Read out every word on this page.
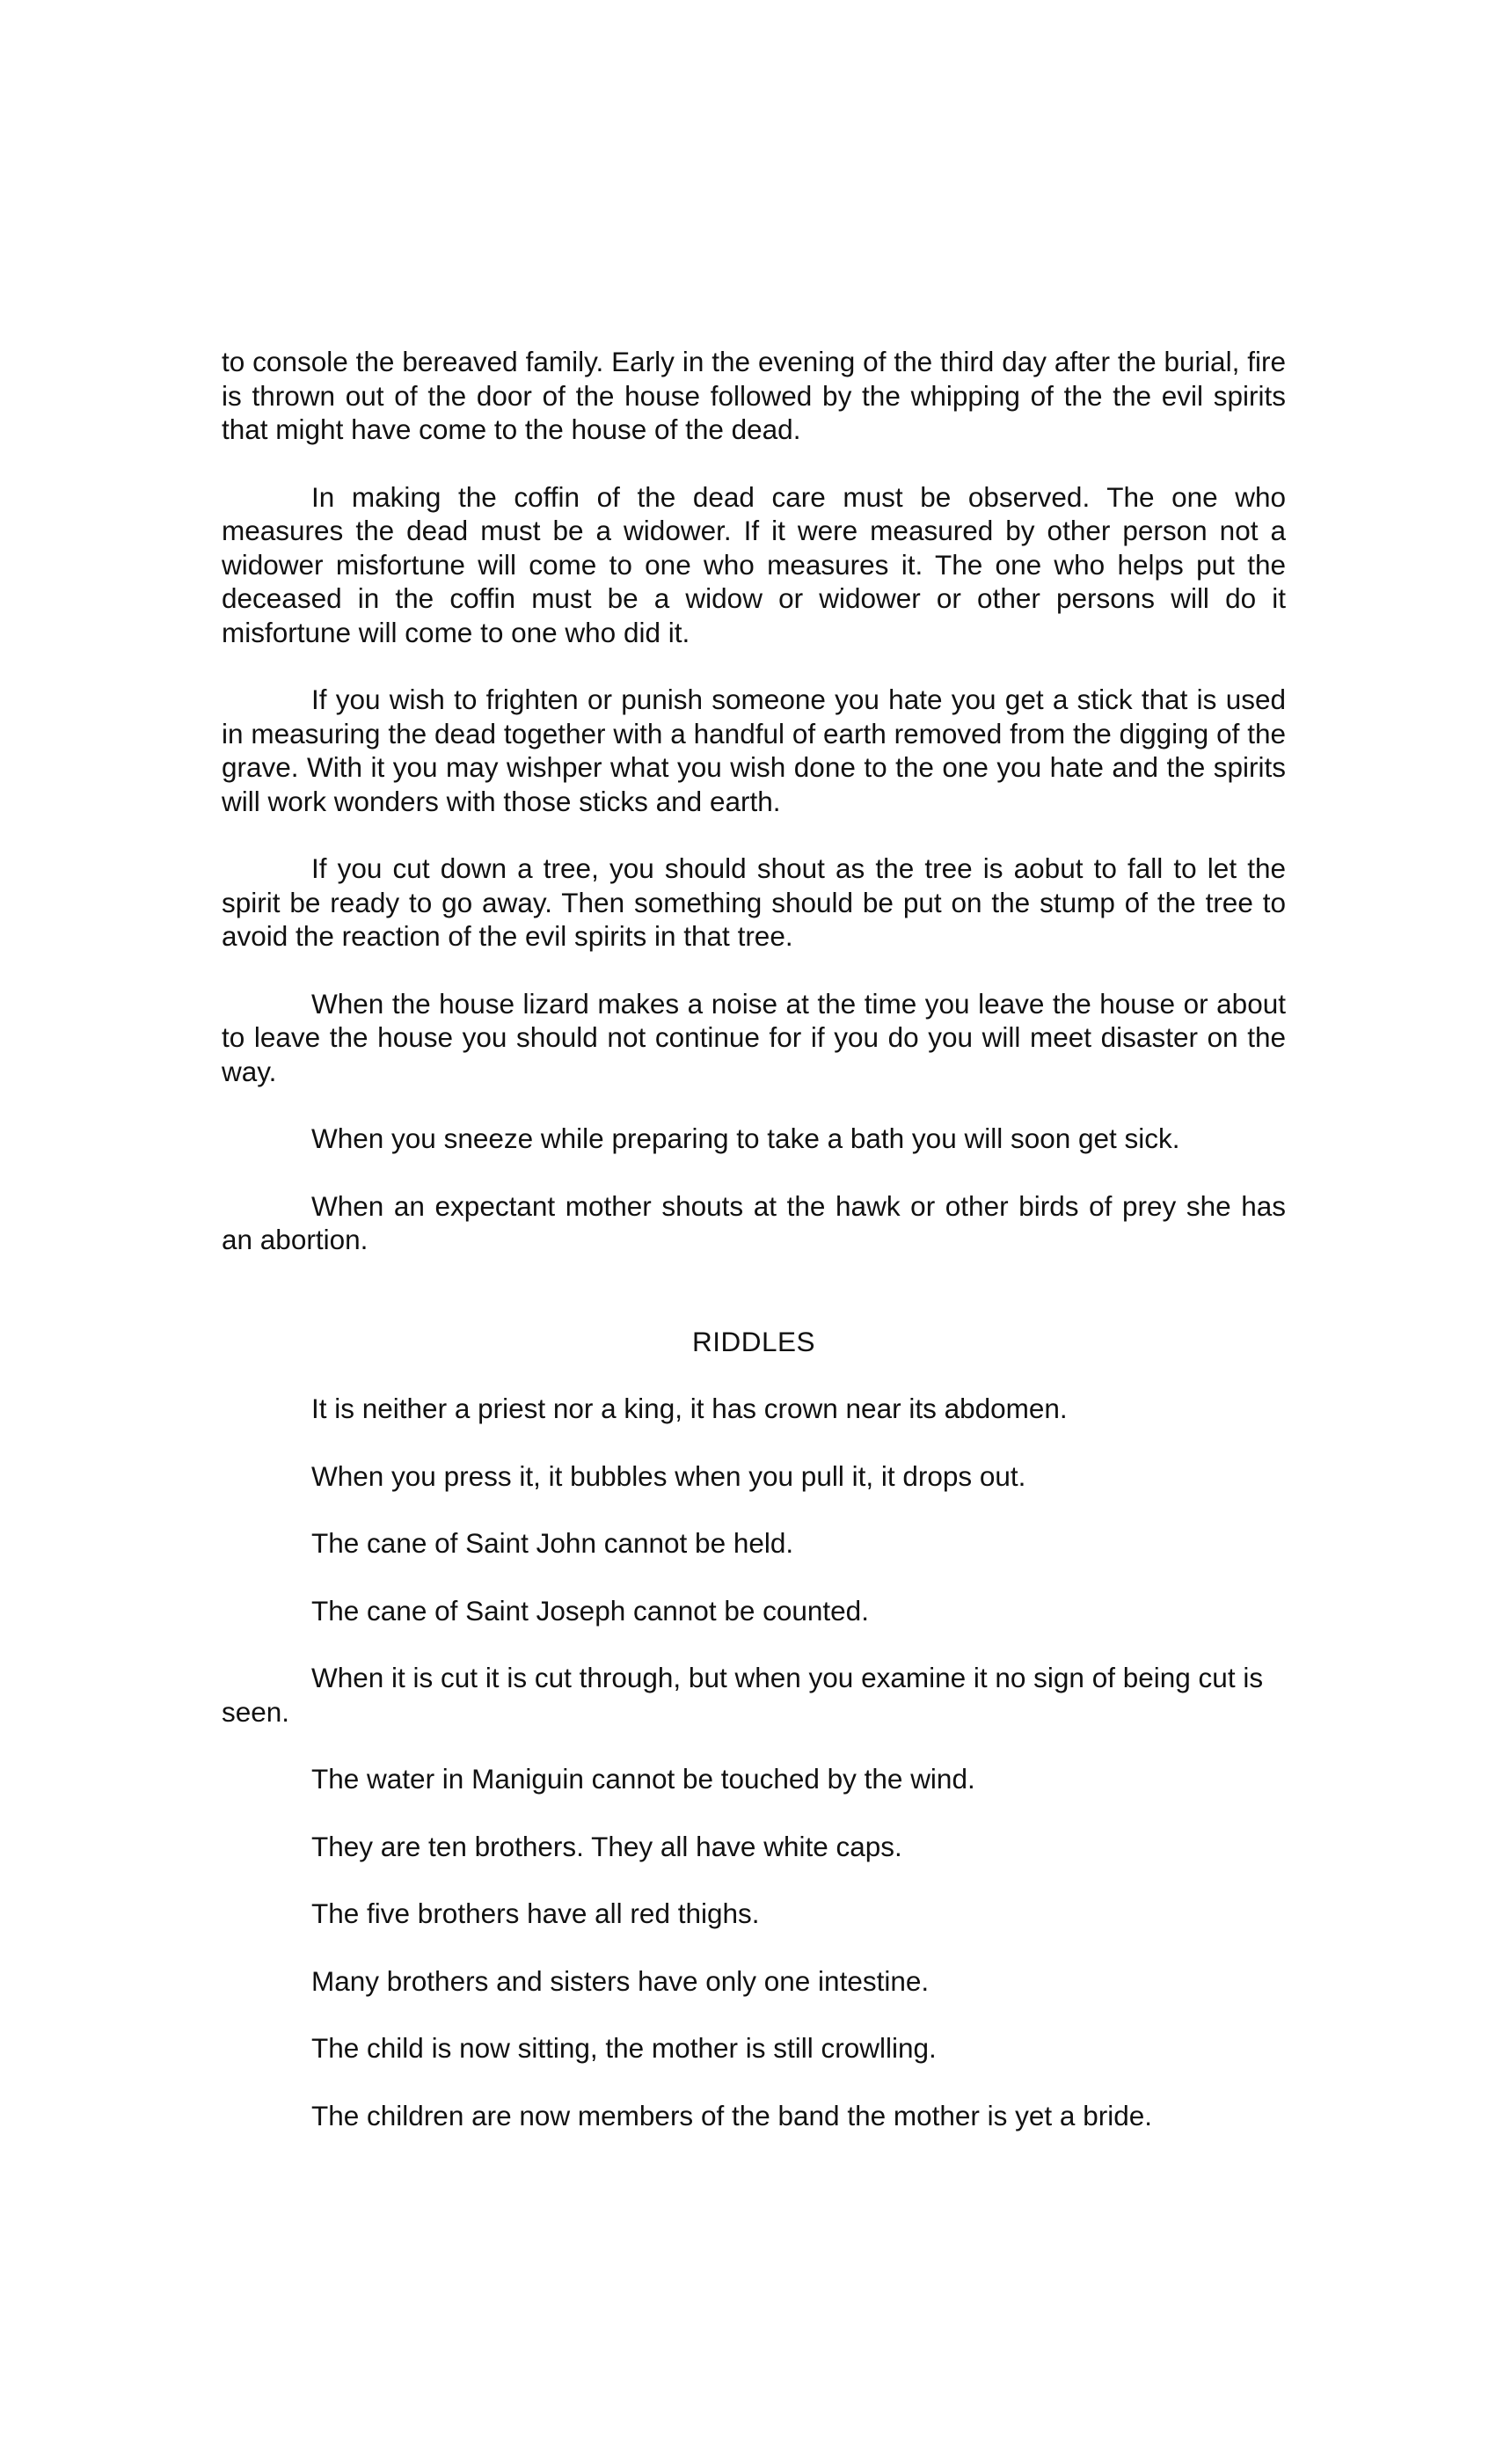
to console the bereaved family. Early in the evening of the third day after the burial, fire is thrown out of the door of the house followed by the whipping of the the evil spirits that might have come to the house of the dead.

In making the coffin of the dead care must be observed. The one who measures the dead must be a widower. If it were measured by other person not a widower misfortune will come to one who measures it. The one who helps put the deceased in the coffin must be a widow or widower or other persons will do it misfortune will come to one who did it.

If you wish to frighten or punish someone you hate you get a stick that is used in measuring the dead together with a handful of earth removed from the digging of the grave. With it you may wishper what you wish done to the one you hate and the spirits will work wonders with those sticks and earth.

If you cut down a tree, you should shout as the tree is aobut to fall to let the spirit be ready to go away. Then something should be put on the stump of the tree to avoid the reaction of the evil spirits in that tree.

When the house lizard makes a noise at the time you leave the house or about to leave the house you should not continue for if you do you will meet disaster on the way.

When you sneeze while preparing to take a bath you will soon get sick.

When an expectant mother shouts at the hawk or other birds of prey she has an abortion.

RIDDLES

It is neither a priest nor a king, it has crown near its abdomen.

When you press it, it bubbles when you pull it, it drops out.

The cane of Saint John cannot be held.

The cane of Saint Joseph cannot be counted.

When it is cut it is cut through, but when you examine it no sign of being cut is seen.

The water in Maniguin cannot be touched by the wind.

They are ten brothers. They all have white caps.

The five brothers have all red thighs.

Many brothers and sisters have only one intestine.

The child is now sitting, the mother is still crowlling.

The children are now members of the band the mother is yet a bride.
